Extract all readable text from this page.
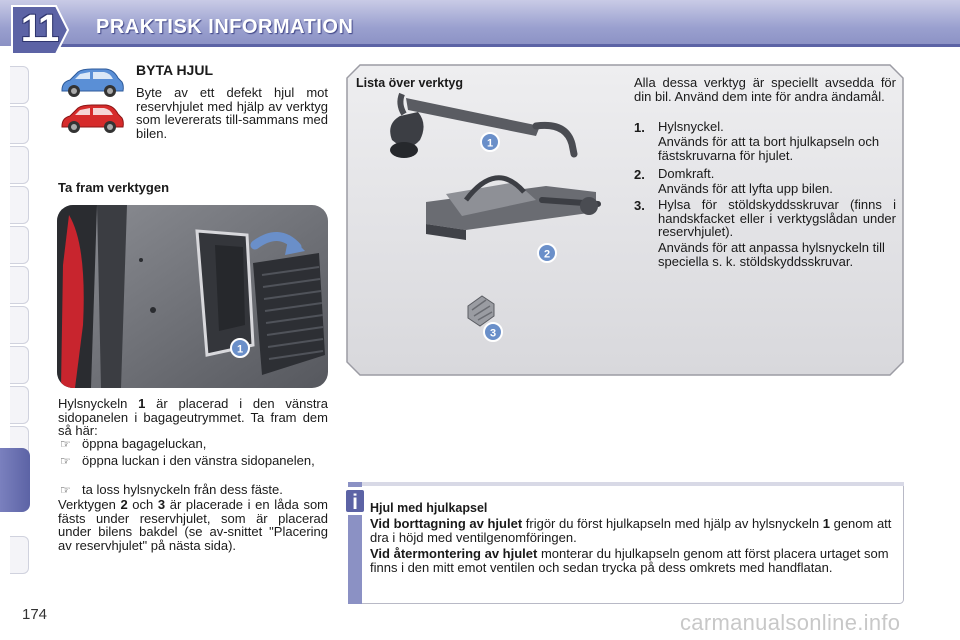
11	PRAKTISK INFORMATION
BYTA HJUL
Byte av ett defekt hjul mot reservhjulet med hjälp av verktyg som levererats till-sammans med bilen.
Ta fram verktygen
1
Hylsnyckeln 1 är placerad i den vänstra sidopanelen i bagageutrymmet. Ta fram dem så här:
☞ öppna bagageluckan,
☞ öppna luckan i den vänstra sidopanelen,
☞ ta loss hylsnyckeln från dess fäste.
Verktygen 2 och 3 är placerade i en låda som fästs under reservhjulet, som är placerad under bilens bakdel (se av-snittet "Placering av reservhjulet" på nästa sida).
1
2
3
Lista över verktyg	Alla dessa verktyg är speciellt avsedda för din bil. Använd dem inte för andra ändamål.
1. Hylsnyckel.
Används för att ta bort hjulkapseln och fästskruvarna för hjulet.
2. Domkraft.
Används för att lyfta upp bilen.
3. Hylsa för stöldskyddsskruvar (finns i handskfacket eller i verktygslådan under reservhjulet).
Används för att anpassa hylsnyckeln till speciella s. k. stöldskyddsskruvar.
i Hjul med hjulkapsel
Vid borttagning av hjulet frigör du först hjulkapseln med hjälp av hylsnyckeln 1 genom att dra i höjd med ventilgenomföringen.
Vid återmontering av hjulet monterar du hjulkapseln genom att först placera urtaget som finns i den mitt emot ventilen och sedan trycka på dess omkrets med handflatan.
174	carmanualsonline.info
